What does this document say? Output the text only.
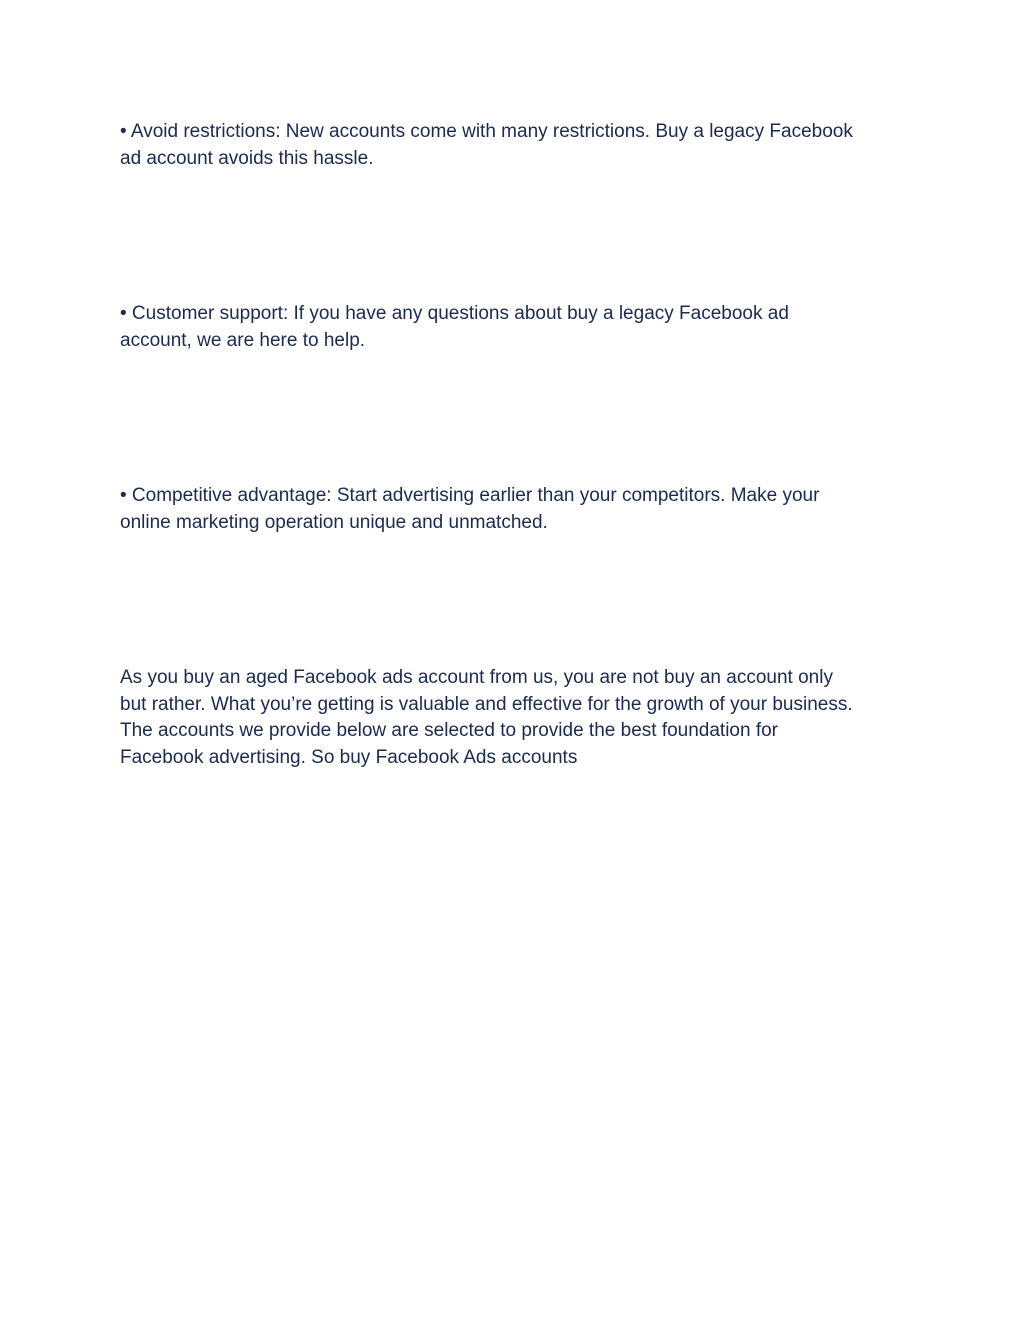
• Avoid restrictions: New accounts come with many restrictions. Buy a legacy Facebook
ad account avoids this hassle.

• Customer support: If you have any questions about buy a legacy Facebook ad
account, we are here to help.

• Competitive advantage: Start advertising earlier than your competitors. Make your
online marketing operation unique and unmatched.

As you buy an aged Facebook ads account from us, you are not buy an account only
but rather. What you’re getting is valuable and effective for the growth of your business.
The accounts we provide below are selected to provide the best foundation for
Facebook advertising. So buy Facebook Ads accounts
